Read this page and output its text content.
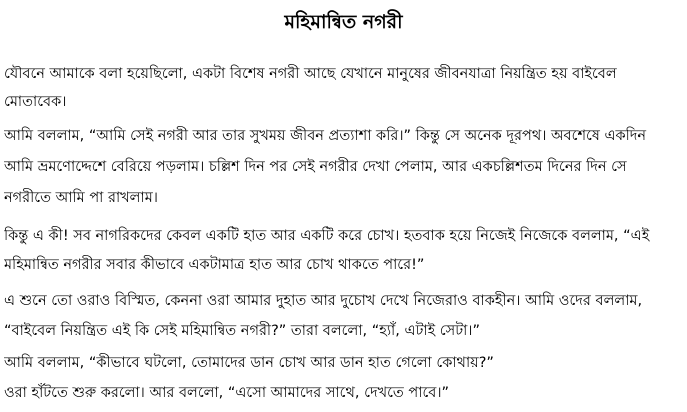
মহিমান্বিত নগরী
যৌবনে আমাকে বলা হয়েছিলো, একটা বিশেষ নগরী আছে যেখানে মানুষের জীবনযাত্রা নিয়ন্ত্রিত হয় বাইবেল
মোতাবেক।
আমি বললাম, “আমি সেই নগরী আর তার সুখময় জীবন প্রত্যাশা করি।” কিন্তু সে অনেক দূরপথ। অবশেষে একদিন
আমি ভ্রমণোদ্দেশে বেরিয়ে পড়লাম। চল্লিশ দিন পর সেই নগরীর দেখা পেলাম, আর একচল্লিশতম দিনের দিন সে
নগরীতে আমি পা রাখলাম।
কিন্তু এ কী! সব নাগরিকদের কেবল একটি হাত আর একটি করে চোখ। হতবাক হয়ে নিজেই নিজেকে বললাম, “এই
মহিমান্বিত নগরীর সবার কীভাবে একটামাত্র হাত আর চোখ থাকতে পারে!”
এ শুনে তো ওরাও বিস্মিত, কেননা ওরা আমার দুহাত আর দুচোখ দেখে নিজেরাও বাকহীন। আমি ওদের বললাম,
“বাইবেল নিয়ন্ত্রিত এই কি সেই মহিমান্বিত নগরী?” তারা বললো, “হ্যাঁ, এটাই সেটা।”
আমি বললাম, “কীভাবে ঘটলো, তোমাদের ডান চোখ আর ডান হাত গেলো কোথায়?”
ওরা হাঁটতে শুরু করলো। আর বললো, “এসো আমাদের সাথে, দেখতে পাবে।”
